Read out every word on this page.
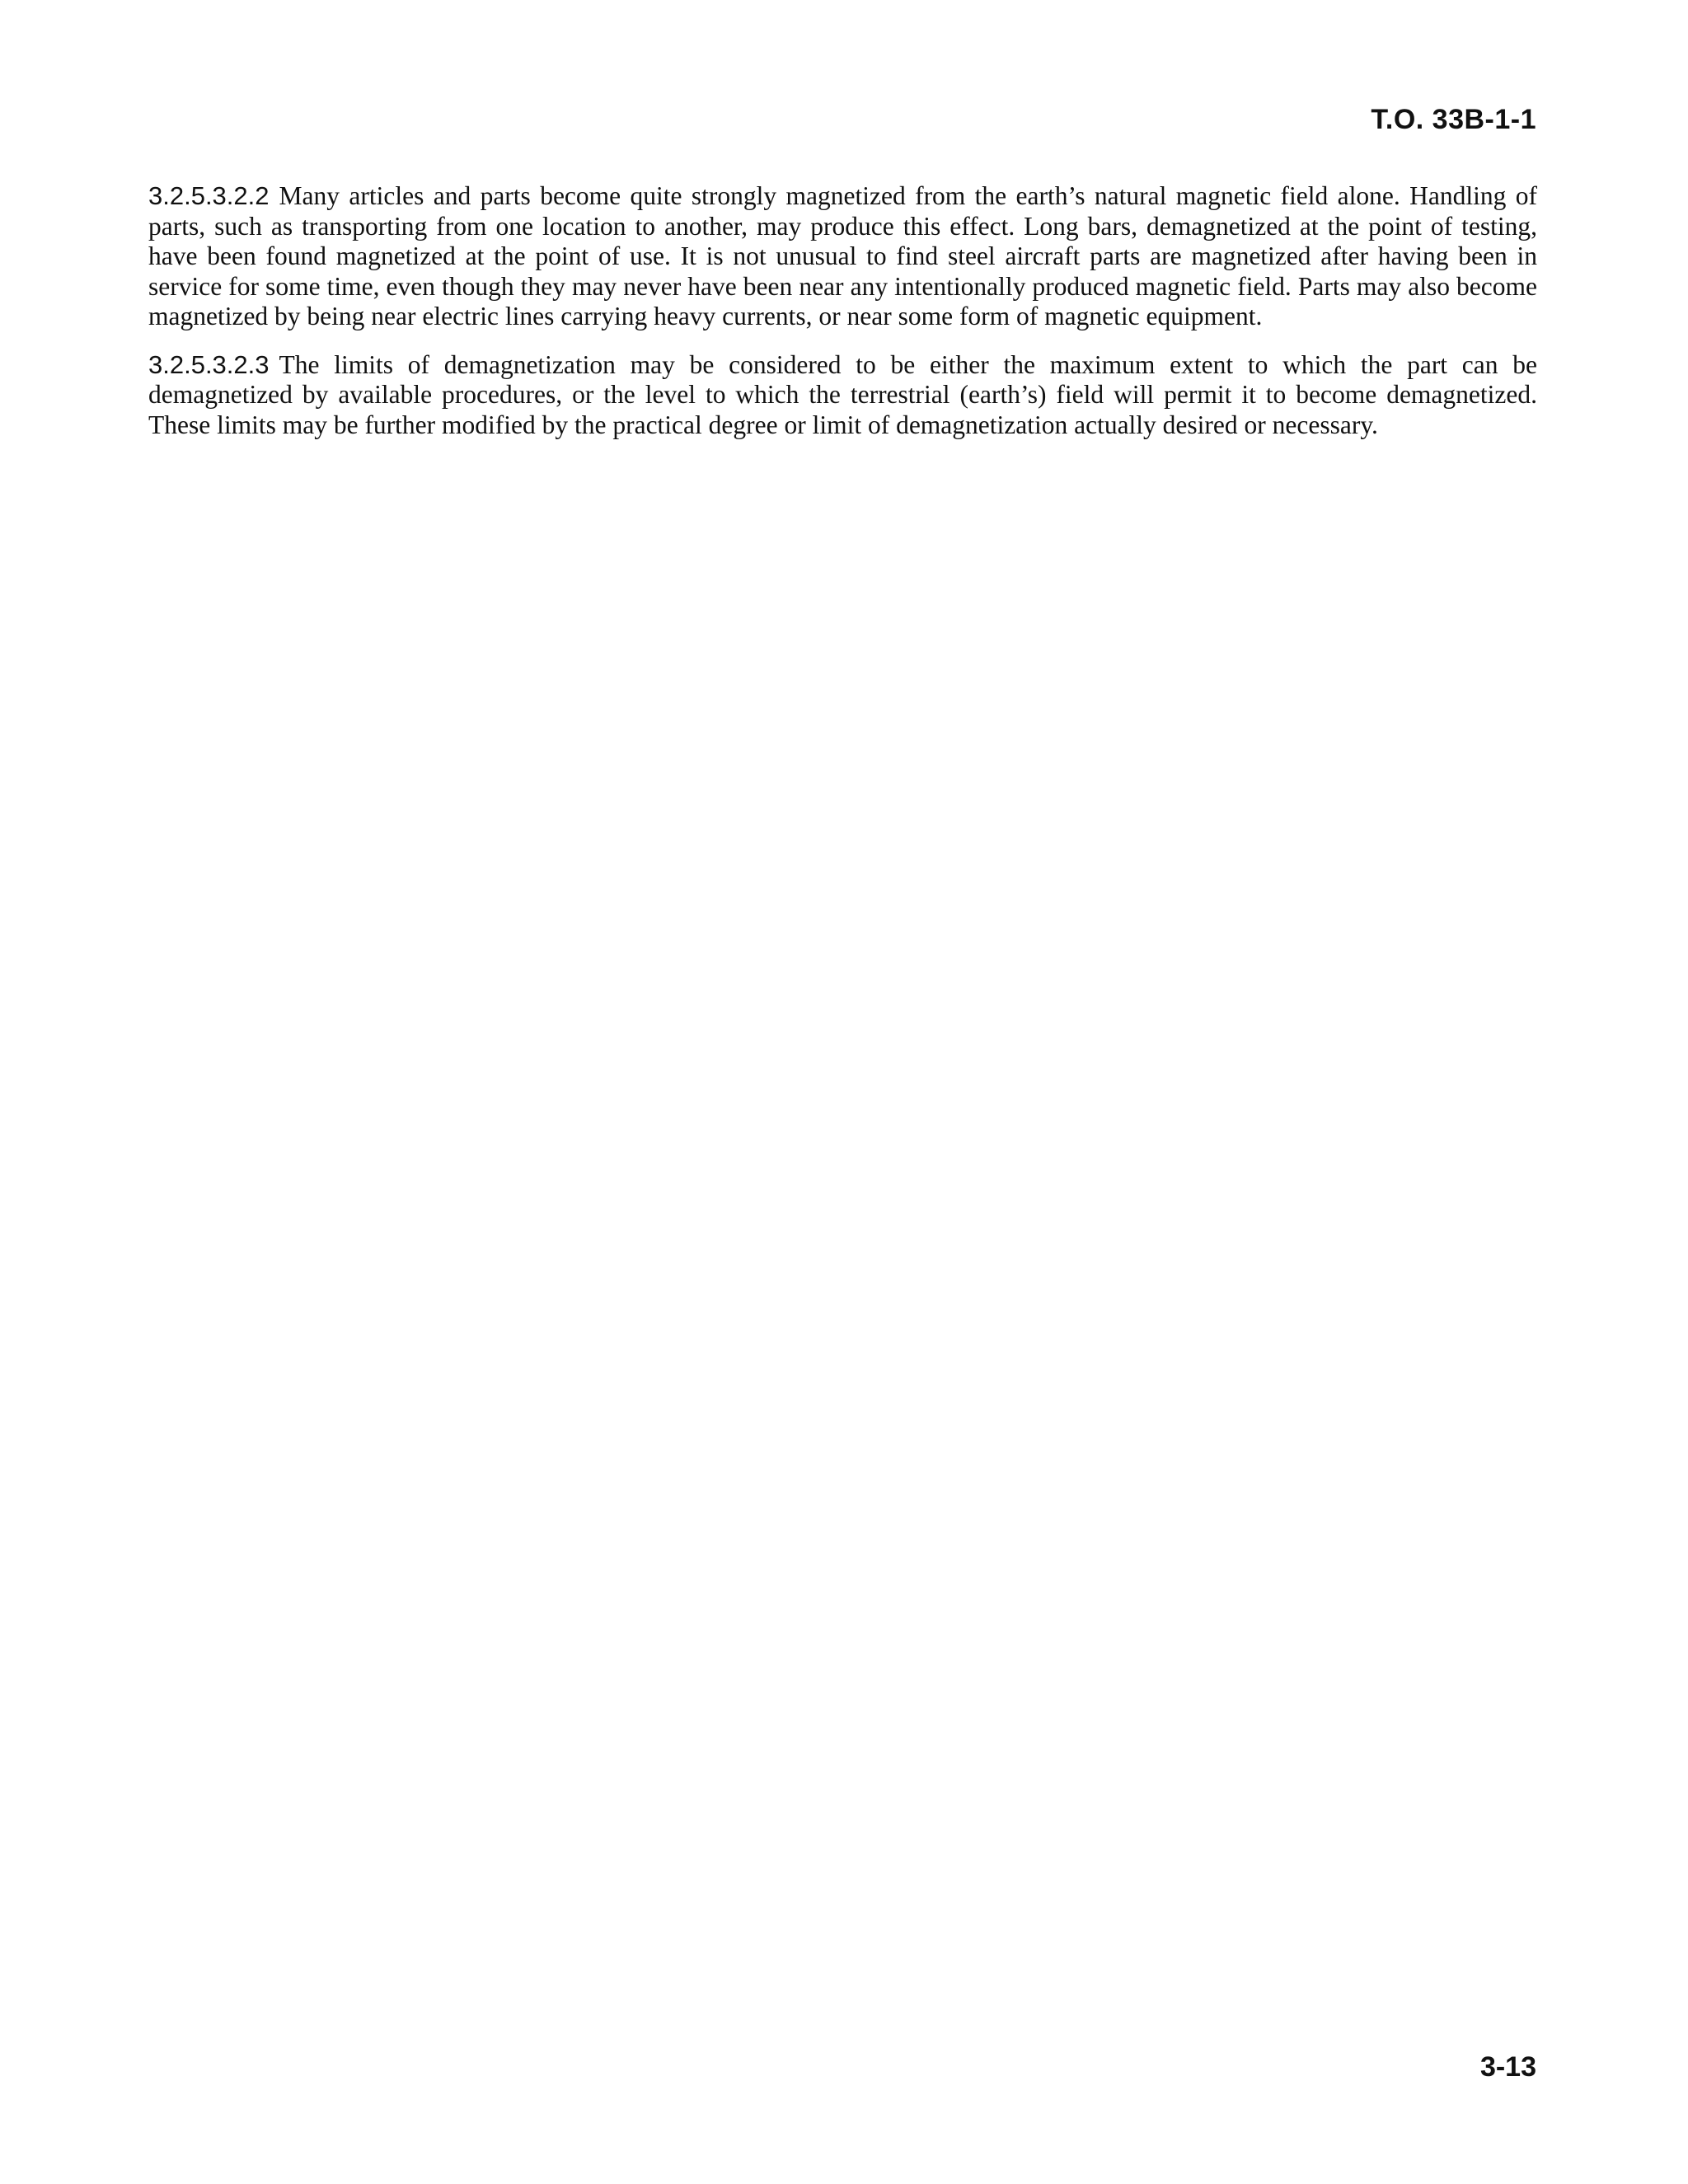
T.O. 33B-1-1

3.2.5.3.2.2 Many articles and parts become quite strongly magnetized from the earth’s natural magnetic field alone. Handling of parts, such as transporting from one location to another, may produce this effect. Long bars, demagnetized at the point of testing, have been found magnetized at the point of use. It is not unusual to find steel aircraft parts are magnetized after having been in service for some time, even though they may never have been near any intentionally produced magnetic field. Parts may also become magnetized by being near electric lines carrying heavy currents, or near some form of magnetic equipment.

3.2.5.3.2.3 The limits of demagnetization may be considered to be either the maximum extent to which the part can be demagnetized by available procedures, or the level to which the terrestrial (earth’s) field will permit it to become demagnetized. These limits may be further modified by the practical degree or limit of demagnetization actually desired or necessary.

3-13
